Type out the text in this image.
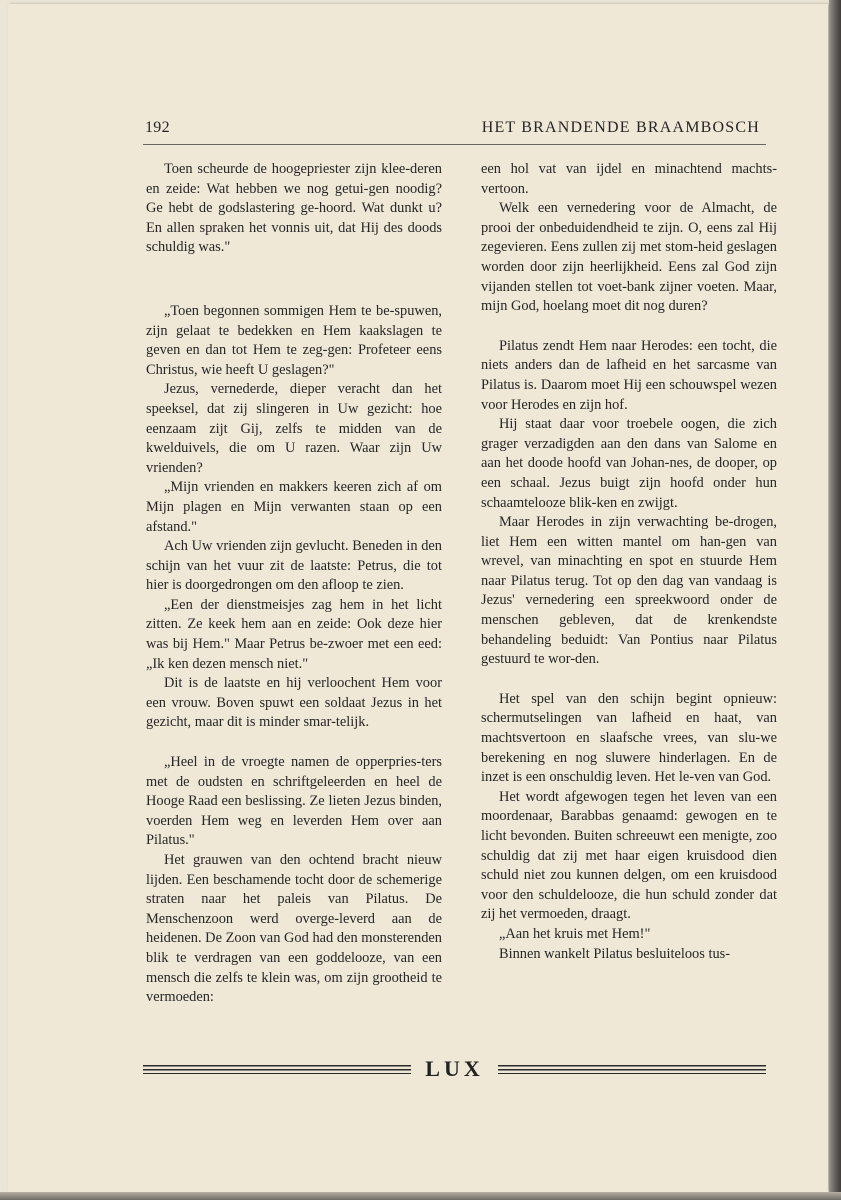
192	HET BRANDENDE BRAAMBOSCH

Toen scheurde de hoogepriester zijn klee-deren en zeide: Wat hebben we nog getui-gen noodig? Ge hebt de godslastering ge-hoord. Wat dunkt u? En allen spraken het vonnis uit, dat Hij des doods schuldig was."

„Toen begonnen sommigen Hem te be-spuwen, zijn gelaat te bedekken en Hem kaakslagen te geven en dan tot Hem te zeg-gen: Profeteer eens Christus, wie heeft U geslagen?"

Jezus, vernederde, dieper veracht dan het speeksel, dat zij slingeren in Uw gezicht: hoe eenzaam zijt Gij, zelfs te midden van de kwelduivels, die om U razen. Waar zijn Uw vrienden?

„Mijn vrienden en makkers keeren zich af om Mijn plagen en Mijn verwanten staan op een afstand."

Ach Uw vrienden zijn gevlucht. Beneden in den schijn van het vuur zit de laatste: Petrus, die tot hier is doorgedrongen om den afloop te zien.

„Een der dienstmeisjes zag hem in het licht zitten. Ze keek hem aan en zeide: Ook deze hier was bij Hem." Maar Petrus be-zwoer met een eed: „Ik ken dezen mensch niet."

Dit is de laatste en hij verloochent Hem voor een vrouw. Boven spuwt een soldaat Jezus in het gezicht, maar dit is minder smar-telijk.

„Heel in de vroegte namen de opperpries-ters met de oudsten en schriftgeleerden en heel de Hooge Raad een beslissing. Ze lieten Jezus binden, voerden Hem weg en leverden Hem over aan Pilatus."

Het grauwen van den ochtend bracht nieuw lijden. Een beschamende tocht door de schemerige straten naar het paleis van Pilatus. De Menschenzoon werd overge-leverd aan de heidenen. De Zoon van God had den monsterenden blik te verdragen van een goddelooze, van een mensch die zelfs te klein was, om zijn grootheid te vermoeden:

een hol vat van ijdel en minachtend machts-vertoon.

Welk een vernedering voor de Almacht, de prooi der onbeduidendheid te zijn. O, eens zal Hij zegevieren. Eens zullen zij met stom-heid geslagen worden door zijn heerlijkheid. Eens zal God zijn vijanden stellen tot voet-bank zijner voeten. Maar, mijn God, hoelang moet dit nog duren?

Pilatus zendt Hem naar Herodes: een tocht, die niets anders dan de lafheid en het sarcasme van Pilatus is. Daarom moet Hij een schouwspel wezen voor Herodes en zijn hof.

Hij staat daar voor troebele oogen, die zich grager verzadigden aan den dans van Salome en aan het doode hoofd van Johan-nes, de dooper, op een schaal. Jezus buigt zijn hoofd onder hun schaamtelooze blik-ken en zwijgt.

Maar Herodes in zijn verwachting be-drogen, liet Hem een witten mantel om han-gen van wrevel, van minachting en spot en stuurde Hem naar Pilatus terug. Tot op den dag van vandaag is Jezus' vernedering een spreekwoord onder de menschen gebleven, dat de krenkendste behandeling beduidt: Van Pontius naar Pilatus gestuurd te wor-den.

Het spel van den schijn begint opnieuw: schermutselingen van lafheid en haat, van machtsvertoon en slaafsche vrees, van slu-we berekening en nog sluwere hinderlagen. En de inzet is een onschuldig leven. Het le-ven van God.

Het wordt afgewogen tegen het leven van een moordenaar, Barabbas genaamd: gewogen en te licht bevonden. Buiten schreeuwt een menigte, zoo schuldig dat zij met haar eigen kruisdood dien schuld niet zou kunnen delgen, om een kruisdood voor den schuldelooze, die hun schuld zonder dat zij het vermoeden, draagt.

„Aan het kruis met Hem!"

Binnen wankelt Pilatus besluiteloos tus-

LUX
